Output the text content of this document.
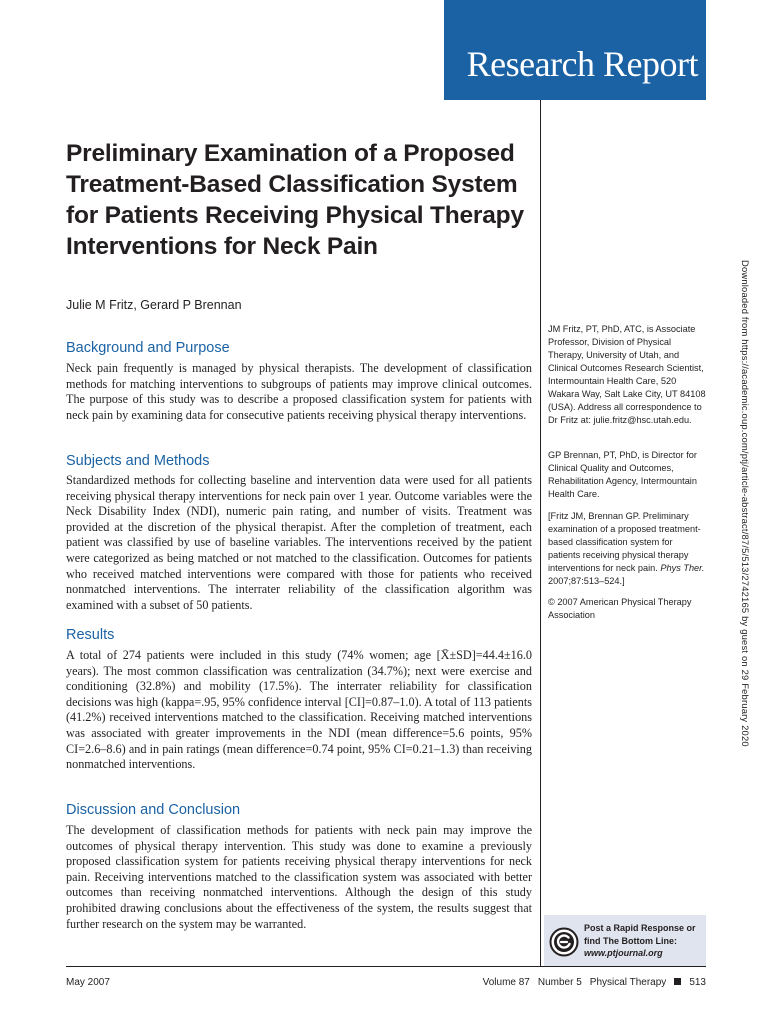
Research Report
Preliminary Examination of a Proposed Treatment-Based Classification System for Patients Receiving Physical Therapy Interventions for Neck Pain
Julie M Fritz, Gerard P Brennan
Background and Purpose

Neck pain frequently is managed by physical therapists. The development of classification methods for matching interventions to subgroups of patients may improve clinical outcomes. The purpose of this study was to describe a proposed classification system for patients with neck pain by examining data for consecutive patients receiving physical therapy interventions.

Subjects and Methods

Standardized methods for collecting baseline and intervention data were used for all patients receiving physical therapy interventions for neck pain over 1 year. Outcome variables were the Neck Disability Index (NDI), numeric pain rating, and number of visits. Treatment was provided at the discretion of the physical therapist. After the completion of treatment, each patient was classified by use of baseline variables. The interventions received by the patient were categorized as being matched or not matched to the classification. Outcomes for patients who received matched interventions were compared with those for patients who received nonmatched interventions. The interrater reliability of the classification algorithm was examined with a subset of 50 patients.

Results

A total of 274 patients were included in this study (74% women; age [X̄±SD]=44.4±16.0 years). The most common classification was centralization (34.7%); next were exercise and conditioning (32.8%) and mobility (17.5%). The interrater reliability for classification decisions was high (kappa=.95, 95% confidence interval [CI]=0.87–1.0). A total of 113 patients (41.2%) received interventions matched to the classification. Receiving matched interventions was associated with greater improvements in the NDI (mean difference=5.6 points, 95% CI=2.6–8.6) and in pain ratings (mean difference=0.74 point, 95% CI=0.21–1.3) than receiving nonmatched interventions.

Discussion and Conclusion

The development of classification methods for patients with neck pain may improve the outcomes of physical therapy intervention. This study was done to examine a previously proposed classification system for patients receiving physical therapy interventions for neck pain. Receiving interventions matched to the classification system was associated with better outcomes than receiving nonmatched interventions. Although the design of this study prohibited drawing conclusions about the effectiveness of the system, the results suggest that further research on the system may be warranted.

JM Fritz, PT, PhD, ATC, is Associate Professor, Division of Physical Therapy, University of Utah, and Clinical Outcomes Research Scientist, Intermountain Health Care, 520 Wakara Way, Salt Lake City, UT 84108 (USA). Address all correspondence to Dr Fritz at: julie.fritz@hsc.utah.edu.

GP Brennan, PT, PhD, is Director for Clinical Quality and Outcomes, Rehabilitation Agency, Intermountain Health Care.

[Fritz JM, Brennan GP. Preliminary examination of a proposed treatment-based classification system for patients receiving physical therapy interventions for neck pain. Phys Ther. 2007;87:513–524.]

© 2007 American Physical Therapy Association	Downloaded from https://academic.oup.com/ptj/article-abstract/87/5/513/2742165 by guest on 29 February 2020
Post a Rapid Response or
find The Bottom Line:
www.ptjournal.org
May 2007	Volume 87 Number 5 Physical Therapy 513
